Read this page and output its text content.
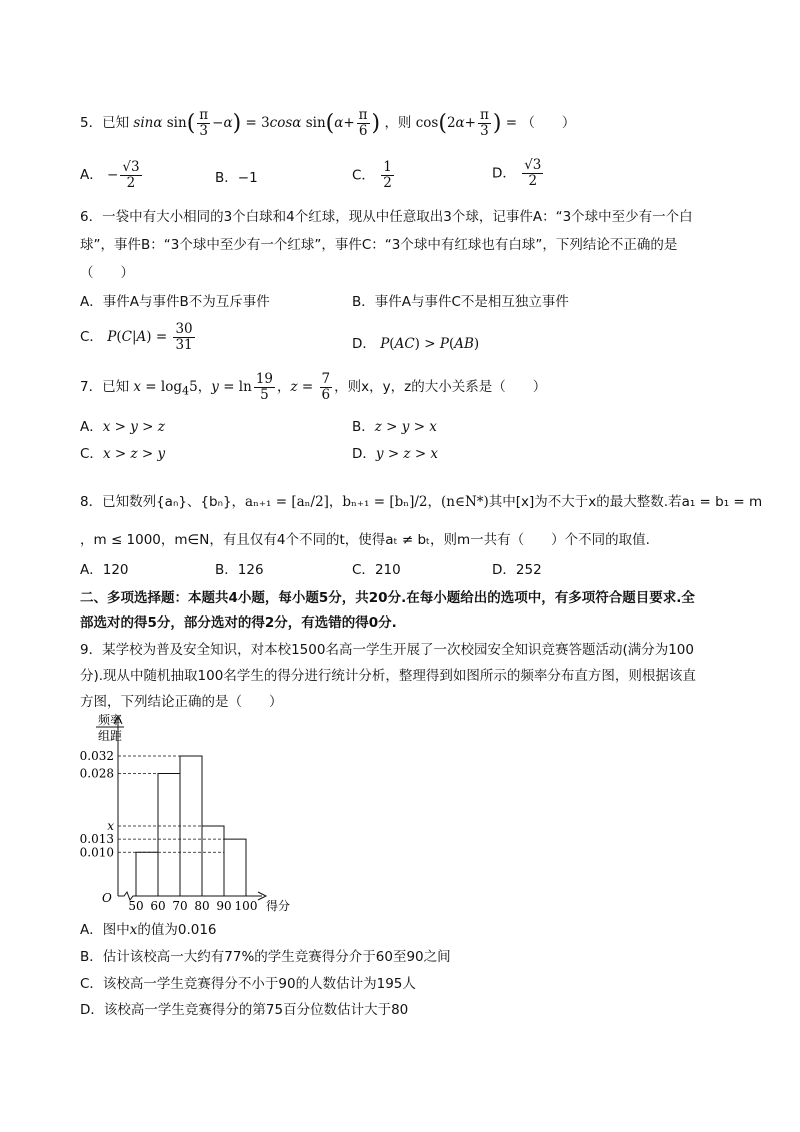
5．已知 sinα $\sin( \frac{\pi}{3} -\alpha) = 3\cos\alpha$ $\sin(\alpha+ \frac{\pi}{6}$ ) ，则 $\cos(2\alpha+ \frac{\pi}{3}$ ) = （　　）
A． − $\frac{√3}{2}$	B．−1	C． $\frac{1}{2}$	D． $\frac{√3}{2}$
6．一袋中有大小相同的3个白球和4个红球，现从中任意取出3个球，记事件A：“3个球中至少有一个白
球”，事件B：“3个球中至少有一个红球”，事件C：“3个球中有红球也有白球”，下列结论不正确的是
（　　）
A．事件A与事件B不为互斥事件	B．事件A与事件C不是相互独立事件
C． $P(C|A) = \frac{30}{31}$	D． P(AC) > P(AB)
7．已知 $x = \log_45$，$y = \ln \frac{19}{5}$ ，$z = \frac{7}{6}$ ，则x，y，z的大小关系是（　　）
A．x > y > z	B．z > y > x
C．x > z > y	D．y > z > x
8．已知数列{aₙ}、{bₙ}，aₙ₊₁ = [aₙ/2]，bₙ₊₁ = [bₙ]/2，(n∈N*)其中[x]为不大于x的最大整数.若a₁ = b₁ = m
，m ≤ 1000，m∈N，有且仅有4个不同的t，使得aₜ ≠ bₜ，则m一共有（　　）个不同的取值.
A．120	B．126	C．210	D．252
二、多项选择题：本题共4小题，每小题5分，共20分.在每小题给出的选项中，有多项符合题目要求.全
部选对的得5分，部分选对的得2分，有选错的得0分.
9．某学校为普及安全知识，对本校1500名高一学生开展了一次校园安全知识竞赛答题活动(满分为100
分).现从中随机抽取100名学生的得分进行统计分析，整理得到如图所示的频率分布直方图，则根据该直
方图，下列结论正确的是（　　）
频率
组距
O
得分
50 60 70 80 90 100
0.032
0.028
x
0.013
0.010
A．图中x的值为0.016
B．估计该校高一大约有77%的学生竞赛得分介于60至90之间
C．该校高一学生竞赛得分不小于90的人数估计为195人
D．该校高一学生竞赛得分的第75百分位数估计大于80
